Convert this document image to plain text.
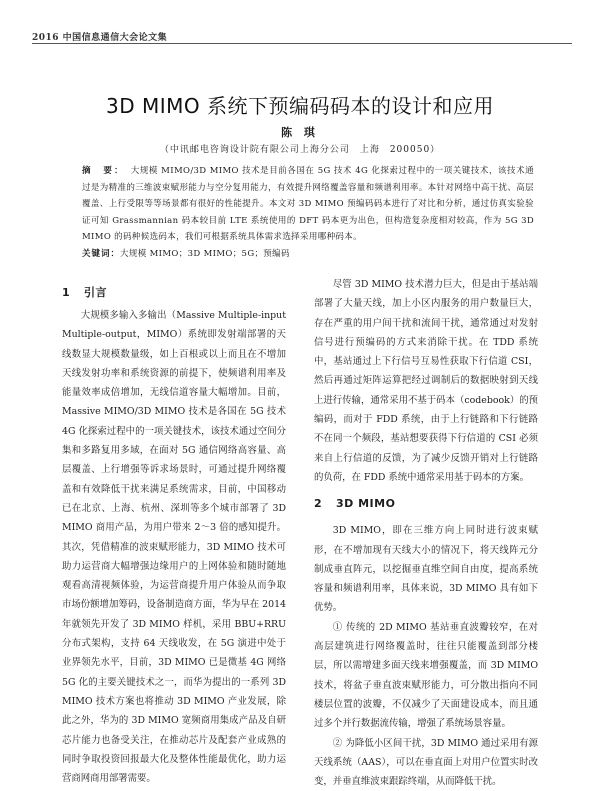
2016 中国信息通信大会论文集
3D MIMO 系统下预编码码本的设计和应用
陈 琪
（中讯邮电咨询设计院有限公司上海分公司　上海　200050）
摘　要： 大规模 MIMO/3D MIMO 技术是目前各国在 5G 技术 4G 化探索过程中的一项关键技术，该技术通过是为精准的三维波束赋形能力与空分复用能力，有效提升网络覆盖容量和频谱利用率。本针对网络中高干扰、高层覆盖、上行受限等等场景都有很好的性能提升。本文对 3D MIMO 预编码码本进行了对比和分析，通过仿真实验验证可知 Grassmannian 码本较目前 LTE 系统使用的 DFT 码本更为出色，但构造复杂度相对较高，作为 5G 3D MIMO 的码种候选码本，我们可根据系统具体需求选择采用哪种码本。
关键词：大规模 MIMO；3D MIMO；5G；预编码

1 引言

大规模多输入多输出（Massive Multiple-input Multiple-output，MIMO）系统即发射端部署的天线数显大规模数量级，如上百根或以上而且在不增加天线发射功率和系统资源的前提下，使频谱利用率及能量效率成倍增加，无线信道容量大幅增加。目前，Massive MIMO/3D MIMO 技术是各国在 5G 技术 4G 化探索过程中的一项关键技术，该技术通过空间分集和多路复用多域，在面对 5G 通信网络高容量、高层覆盖、上行增强等诉求场景时，可通过提升网络覆盖和有效降低干扰来满足系统需求，目前，中国移动已在北京、上海、杭州、深圳等多个城市部署了 3D MIMO 商用产品，为用户带来 2～3 倍的感知提升。其次，凭借精准的波束赋形能力，3D MIMO 技术可助力运营商大幅增强边缘用户的上网体验和随时随地观看高清视频体验，为运营商提升用户体验从而争取市场份额增加筹码，设备制造商方面，华为早在 2014 年就领先开发了 3D MIMO 样机，采用 BBU+RRU 分布式架构，支持 64 天线收发，在 5G 演进中处于业界领先水平，目前，3D MIMO 已是微基 4G 网络 5G 化的主要关键技术之一，而华为提出的一系列 3D MIMO 技术方案也将推动 3D MIMO 产业发展，除此之外，华为的 3D MIMO 宽频商用集成产品及自研芯片能力也备受关注，在推动芯片及配套产业成熟的同时争取投资回报最大化及整体性能最优化，助力运营商网商用部署需要。

尽管 3D MIMO 技术潜力巨大，但是由于基站端部署了大量天线，加上小区内服务的用户数量巨大，存在严重的用户间干扰和流间干扰，通常通过对发射信号进行预编码的方式来消除干扰。在 TDD 系统中，基站通过上下行信号互易性获取下行信道 CSI，然后再通过矩阵运算把经过调制后的数据映射到天线上进行传输，通常采用不基于码本（codebook）的预编码，而对于 FDD 系统，由于上行链路和下行链路不在同一个频段，基站想要获得下行信道的 CSI 必须来自上行信道的反馈，为了减少反馈开销对上行链路的负荷，在 FDD 系统中通常采用基于码本的方案。

2 3D MIMO

3D MIMO，即在三维方向上同时进行波束赋形，在不增加现有天线大小的情况下，将天线阵元分制成垂直阵元，以挖掘垂直维空间自由度，提高系统容量和频谱利用率，具体来说，3D MIMO 具有如下优势。

① 传统的 2D MIMO 基站垂直波瓣较窄，在对高层建筑进行网络覆盖时，往往只能覆盖到部分楼层，所以需增建多面天线来增强覆盖，而 3D MIMO 技术，将盆子垂直波束赋形能力，可分散出指向不同楼层位置的波瓣，不仅减少了天面建设成本，而且通过多个并行数据流传输，增强了系统场景容量。

② 为降低小区间干扰，3D MIMO 通过采用有源天线系统（AAS），可以在垂直面上对用户位置实时改变，并垂直维波束跟踪终端，从而降低干扰。
